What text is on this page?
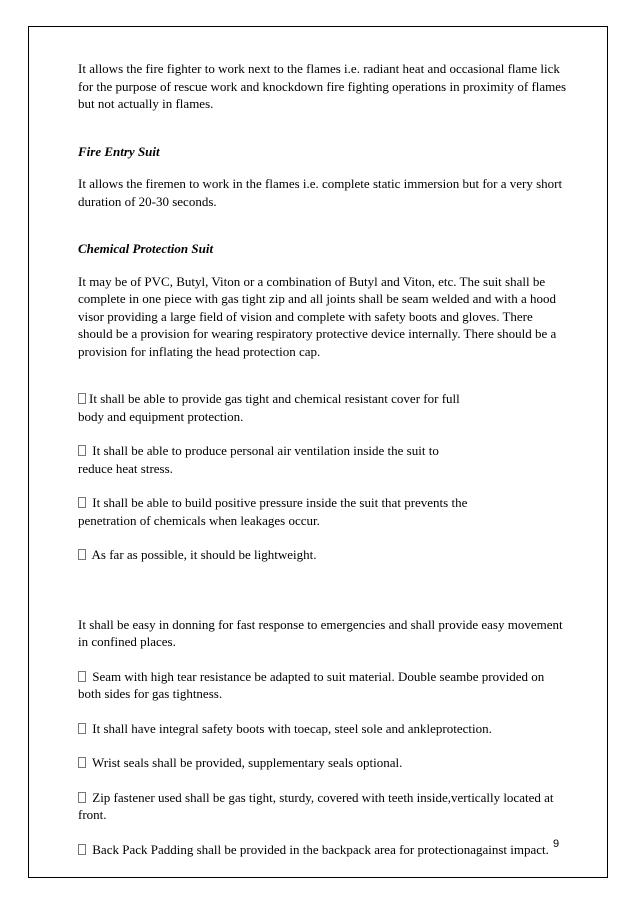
It allows the fire fighter to work next to the flames i.e. radiant heat and occasional flame lick for the purpose of rescue work and knockdown fire fighting operations in proximity of flames but not actually in flames.

Fire Entry Suit

It allows the firemen to work in the flames i.e. complete static immersion but for a very short duration of 20-30 seconds.

Chemical Protection Suit

It may be of PVC, Butyl, Viton or a combination of Butyl and Viton, etc. The suit shall be complete in one piece with gas tight zip and all joints shall be seam welded and with a hood visor providing a large field of vision and complete with safety boots and gloves. There should be a provision for wearing respiratory protective device internally. There should be a provision for inflating the head protection cap.

It shall be able to provide gas tight and chemical resistant cover for full
body and equipment protection.
It shall be able to produce personal air ventilation inside the suit to
reduce heat stress.
It shall be able to build positive pressure inside the suit that prevents the
penetration of chemicals when leakages occur.
As far as possible, it should be lightweight.

It shall be easy in donning for fast response to emergencies and shall provide easy movement in confined places.

Seam with high tear resistance be adapted to suit material. Double seambe provided on
both sides for gas tightness.
It shall have integral safety boots with toecap, steel sole and ankleprotection.
Wrist seals shall be provided, supplementary seals optional.
Zip fastener used shall be gas tight, sturdy, covered with teeth inside,vertically located at
front.
Back Pack Padding shall be provided in the backpack area for protectionagainst impact. 9
